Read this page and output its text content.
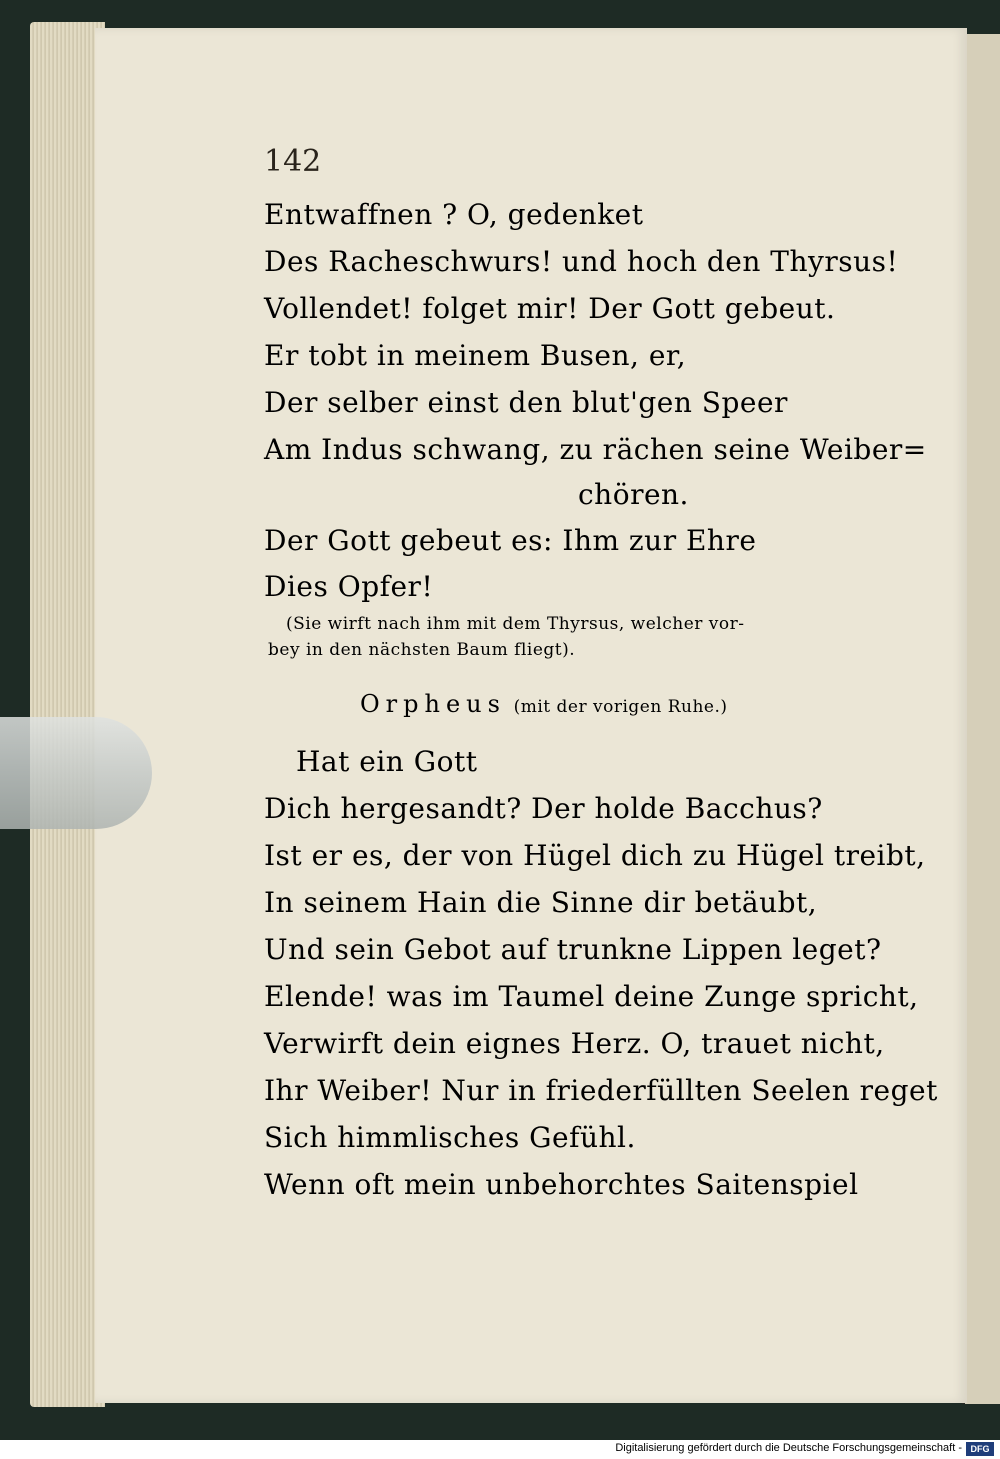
142
Entwaffnen ? O, gedenket
Des Racheschwurs! und hoch den Thyrsus!
Vollendet! folget mir! Der Gott gebeut.
Er tobt in meinem Busen, er,
Der selber einst den blut'gen Speer
Am Indus schwang, zu rächen seine Weiber=
chören.
Der Gott gebeut es: Ihm zur Ehre
Dies Opfer!
(Sie wirft nach ihm mit dem Thyrsus, welcher vor-
bey in den nächsten Baum fliegt).
Orpheus (mit der vorigen Ruhe.)
Hat ein Gott
Dich hergesandt? Der holde Bacchus?
Ist er es, der von Hügel dich zu Hügel treibt,
In seinem Hain die Sinne dir betäubt,
Und sein Gebot auf trunkne Lippen leget?
Elende! was im Taumel deine Zunge spricht,
Verwirft dein eignes Herz. O, trauet nicht,
Ihr Weiber! Nur in friederfüllten Seelen reget
Sich himmlisches Gefühl.
Wenn oft mein unbehorchtes Saitenspiel
Digitalisierung gefördert durch die Deutsche Forschungsgemeinschaft - DFG
